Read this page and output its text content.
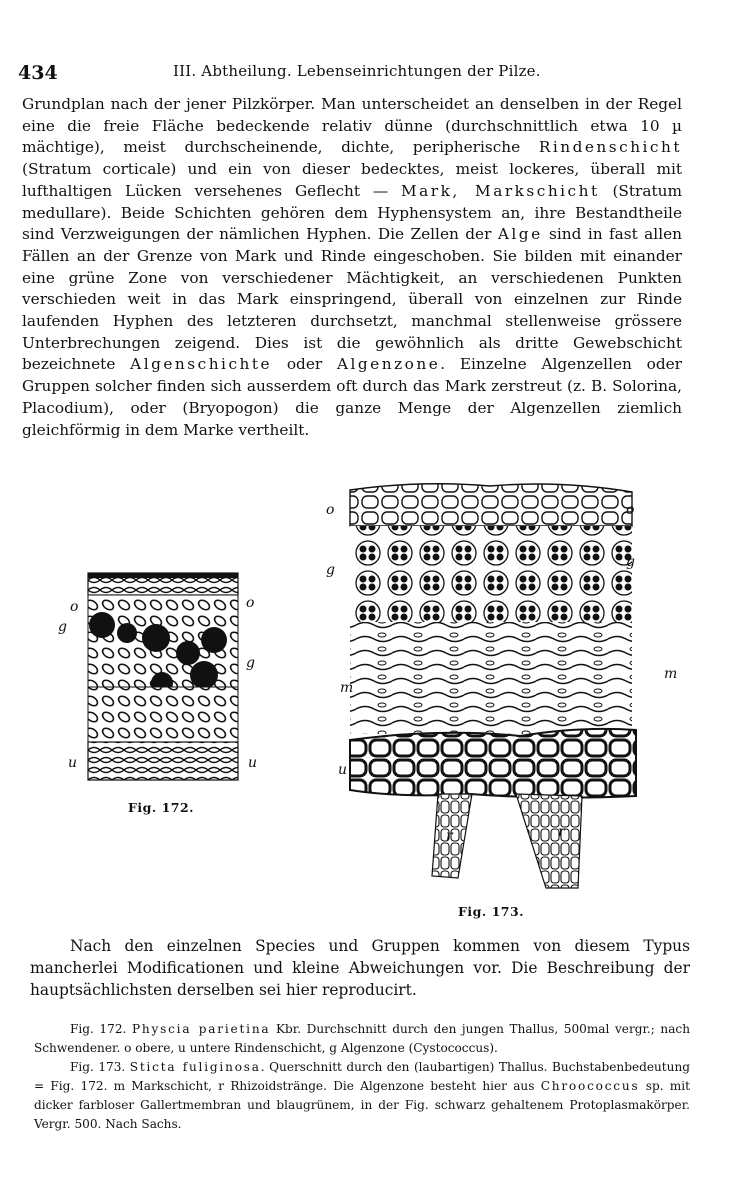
434	III. Abtheilung. Lebenseinrichtungen der Pilze.

Grundplan nach der jener Pilzkörper. Man unterscheidet an denselben in der Regel eine die freie Fläche bedeckende relativ dünne (durchschnittlich etwa 10 µ mächtige), meist durchscheinende, dichte, peripherische Rindenschicht (Stratum corticale) und ein von dieser bedecktes, meist lockeres, überall mit lufthaltigen Lücken versehenes Geflecht — Mark, Markschicht (Stratum medullare). Beide Schichten gehören dem Hyphensystem an, ihre Bestandtheile sind Verzweigungen der nämlichen Hyphen. Die Zellen der Alge sind in fast allen Fällen an der Grenze von Mark und Rinde eingeschoben. Sie bilden mit einander eine grüne Zone von verschiedener Mächtigkeit, an verschiedenen Punkten verschieden weit in das Mark einspringend, überall von einzelnen zur Rinde laufenden Hyphen des letzteren durchsetzt, manchmal stellenweise grössere Unterbrechungen zeigend. Dies ist die gewöhnlich als dritte Gewebschicht bezeichnete Algenschichte oder Algenzone. Einzelne Algenzellen oder Gruppen solcher finden sich ausserdem oft durch das Mark zerstreut (z. B. Solorina, Placodium), oder (Bryopogon) die ganze Menge der Algenzellen ziemlich gleichförmig in dem Marke vertheilt.

o	o
g
g
u	u
Fig. 172.
o	o
g	g
m
m
u
r	r
Fig. 173.

Nach den einzelnen Species und Gruppen kommen von diesem Typus mancherlei Modificationen und kleine Abweichungen vor. Die Beschreibung der hauptsächlichsten derselben sei hier reproducirt.

Fig. 172. Physcia parietina Kbr. Durchschnitt durch den jungen Thallus, 500mal vergr.; nach Schwendener. o obere, u untere Rindenschicht, g Algenzone (Cystococcus).

Fig. 173. Sticta fuliginosa. Querschnitt durch den (laubartigen) Thallus. Buchstabenbedeutung = Fig. 172. m Markschicht, r Rhizoidstränge. Die Algenzone besteht hier aus Chroococcus sp. mit dicker farbloser Gallertmembran und blaugrünem, in der Fig. schwarz gehaltenem Protoplasmakörper. Vergr. 500. Nach Sachs.
